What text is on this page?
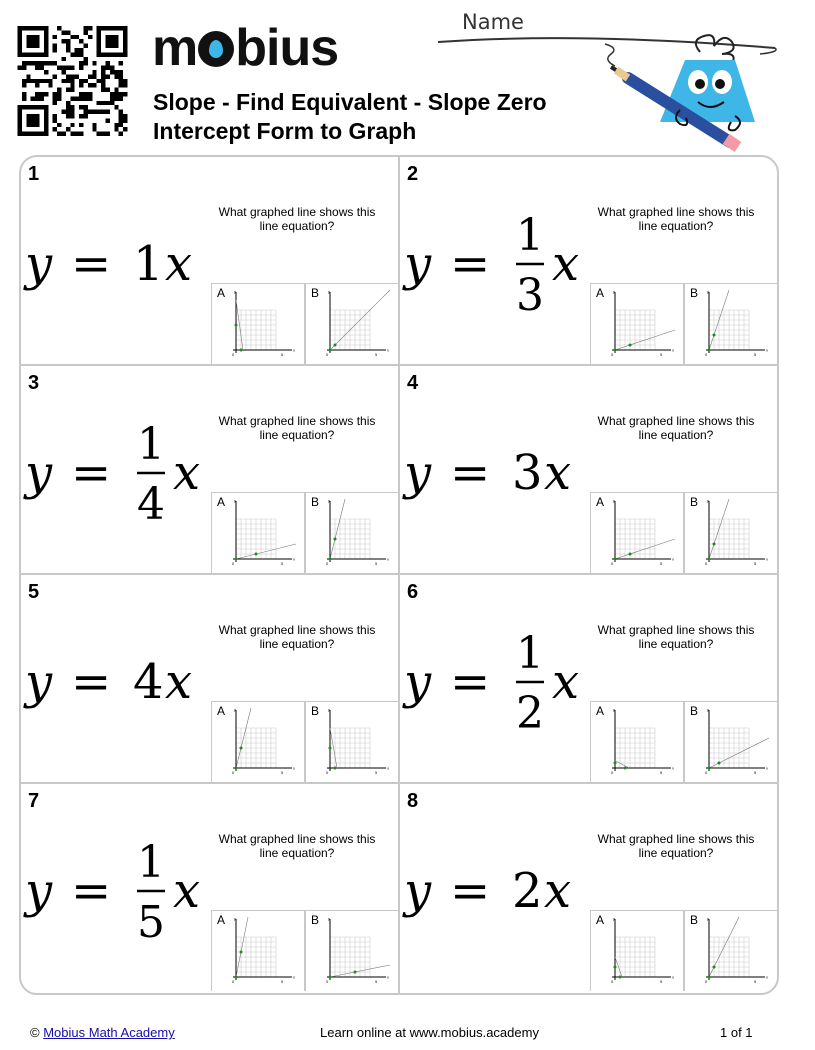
m bius
Slope - Find Equivalent - Slope Zero Intercept Form to Graph
Name
1
What graphed line shows this line equation?
y = 1 x
A y
x
0	5
B y
x
0	5
2
What graphed line shows this line equation?
y =
1
3
x
A y
x
0	5
B y
x
0	5
3
What graphed line shows this line equation?
y =
1
4
x
A y
x
0	5
B y
x
0	5
4
What graphed line shows this line equation?
y = 3 x
A y
x
0	5
B y
x
0	5
5
What graphed line shows this line equation?
y = 4 x
A y
x
0	5
B y
x
0	5
6
What graphed line shows this line equation?
y =
1
2
x
A y
x
0	5
B y
x
0	5
7
What graphed line shows this line equation?
y =
1
5
x
A y
x
0	5
B y
x
0	5
8
What graphed line shows this line equation?
y = 2 x
A y
x
0	5
B y
x
0	5
© Mobius Math Academy	Learn online at www.mobius.academy	1 of 1
